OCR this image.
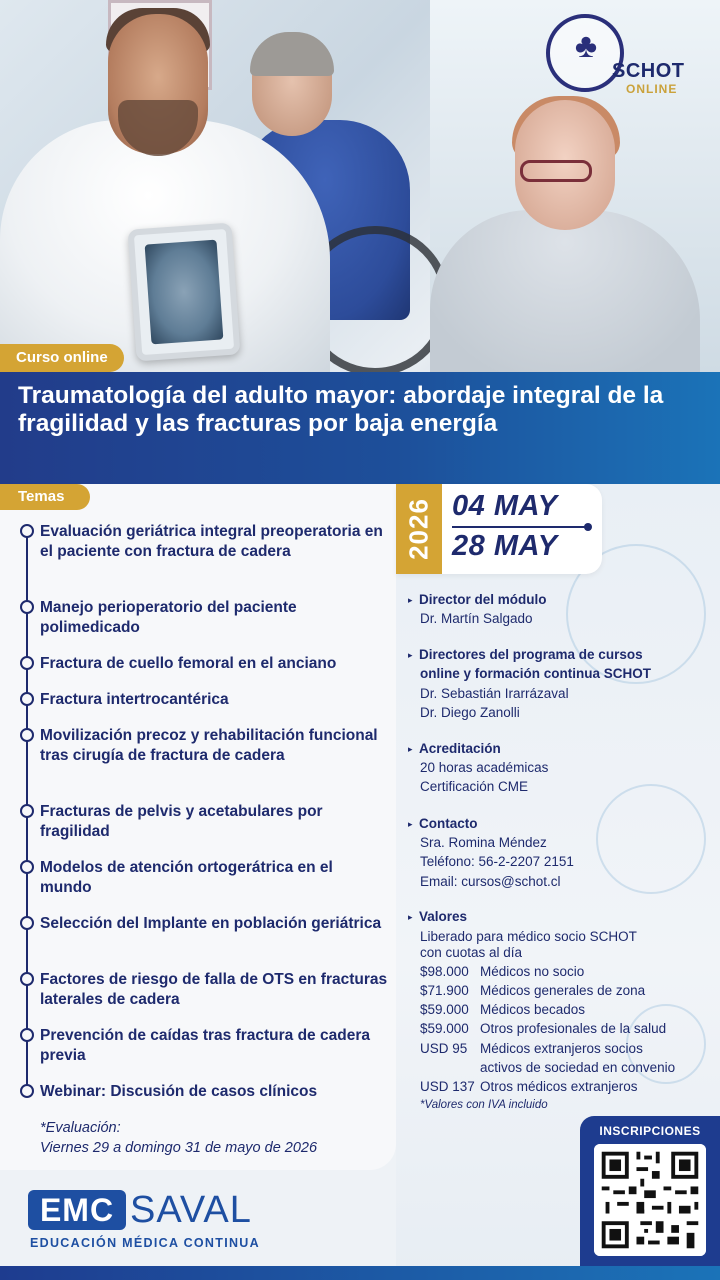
♣
SCHOT
ONLINE
Curso online
Traumatología del adulto mayor: abordaje integral de la fragilidad y las fracturas por baja energía
Temas
Evaluación geriátrica integral preoperatoria en el paciente con fractura de cadera
Manejo perioperatorio del paciente polimedicado
Fractura de cuello femoral en el anciano
Fractura intertrocantérica
Movilización precoz y rehabilitación funcional tras cirugía de fractura de cadera
Fracturas de pelvis y acetabulares por fragilidad
Modelos de atención ortogerátrica en el mundo
Selección del Implante en población geriátrica
Factores de riesgo de falla de OTS en fracturas laterales de cadera
Prevención de caídas tras fractura de cadera previa
Webinar: Discusión de casos clínicos
*Evaluación:
Viernes 29 a domingo 31 de mayo de 2026
2026 04 MAY
28 MAY
▸ Director del módulo
Dr. Martín Salgado
▸ Directores del programa de cursos
online y formación continua SCHOT
Dr. Sebastián Irarrázaval
Dr. Diego Zanolli
▸ Acreditación
20 horas académicas
Certificación CME
▸ Contacto
Sra. Romina Méndez
Teléfono: 56-2-2207 2151
Email: cursos@schot.cl
▸ Valores
Liberado para médico socio SCHOT
con cuotas al día
$98.000 Médicos no socio
$71.900 Médicos generales de zona
$59.000 Médicos becados
$59.000 Otros profesionales de la salud
USD 95 Médicos extranjeros socios
activos de sociedad en convenio
USD 137 Otros médicos extranjeros
*Valores con IVA incluido
INSCRIPCIONES
EMC SAVAL
EDUCACIÓN MÉDICA CONTINUA
